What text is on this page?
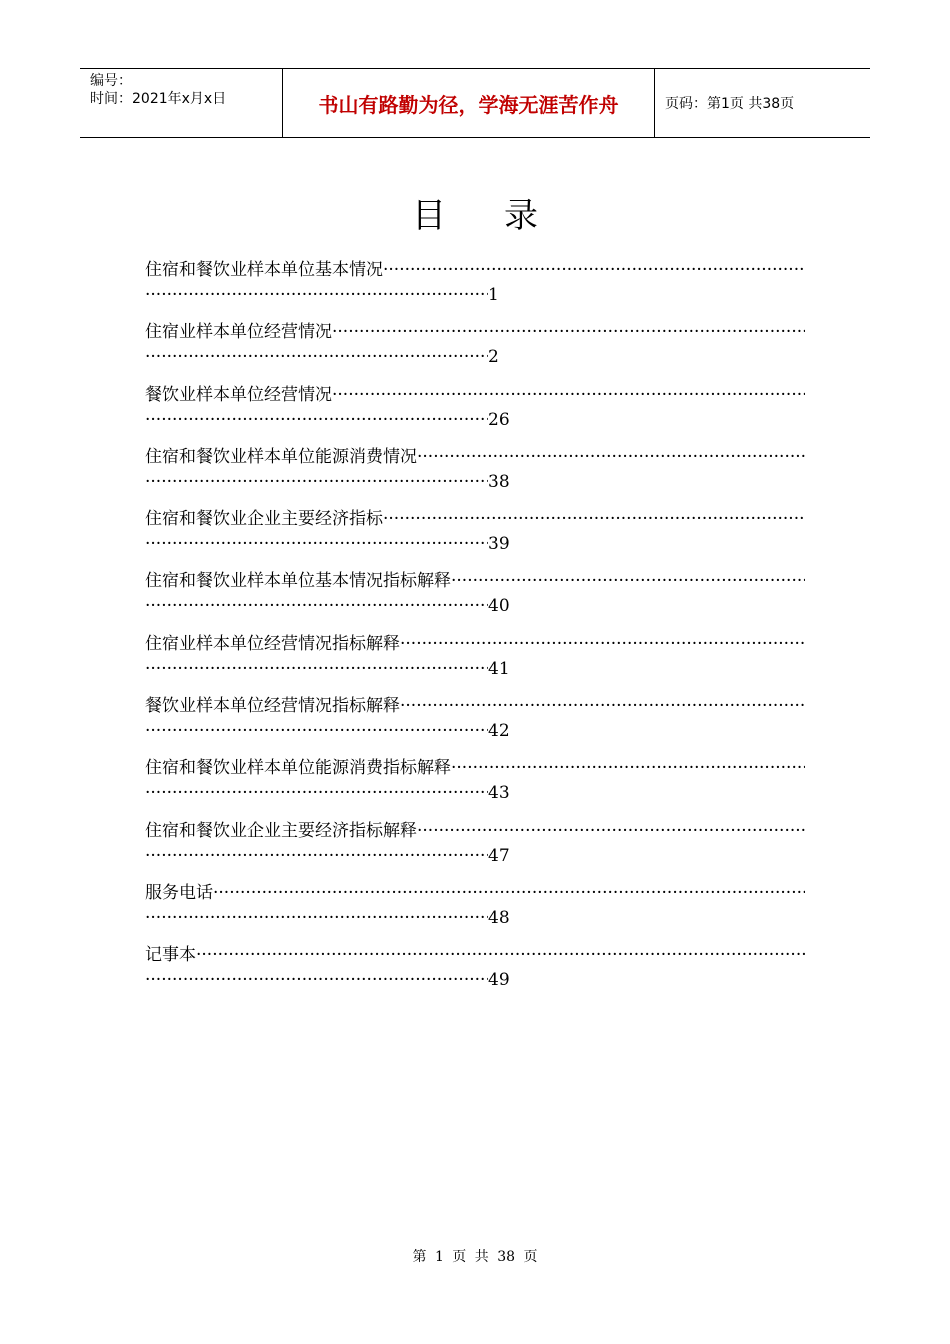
编号：
时间：2021年x月x日	书山有路勤为径，学海无涯苦作舟	页码：第1页 共38页
目录
住宿和餐饮业样本单位基本情况
·····
·····
1
住宿业样本单位经营情况
·····
·····
2
餐饮业样本单位经营情况
·····
·····
26
住宿和餐饮业样本单位能源消费情况
·····
·····
38
住宿和餐饮业企业主要经济指标
·····
·····
39
住宿和餐饮业样本单位基本情况指标解释
·····
·····
40
住宿业样本单位经营情况指标解释
·····
·····
41
餐饮业样本单位经营情况指标解释
·····
·····
42
住宿和餐饮业样本单位能源消费指标解释
·····
·····
43
住宿和餐饮业企业主要经济指标解释
·····
·····
47
服务电话
·····
·····
48
记事本
·····
·····
49
第 1 页 共 38 页
